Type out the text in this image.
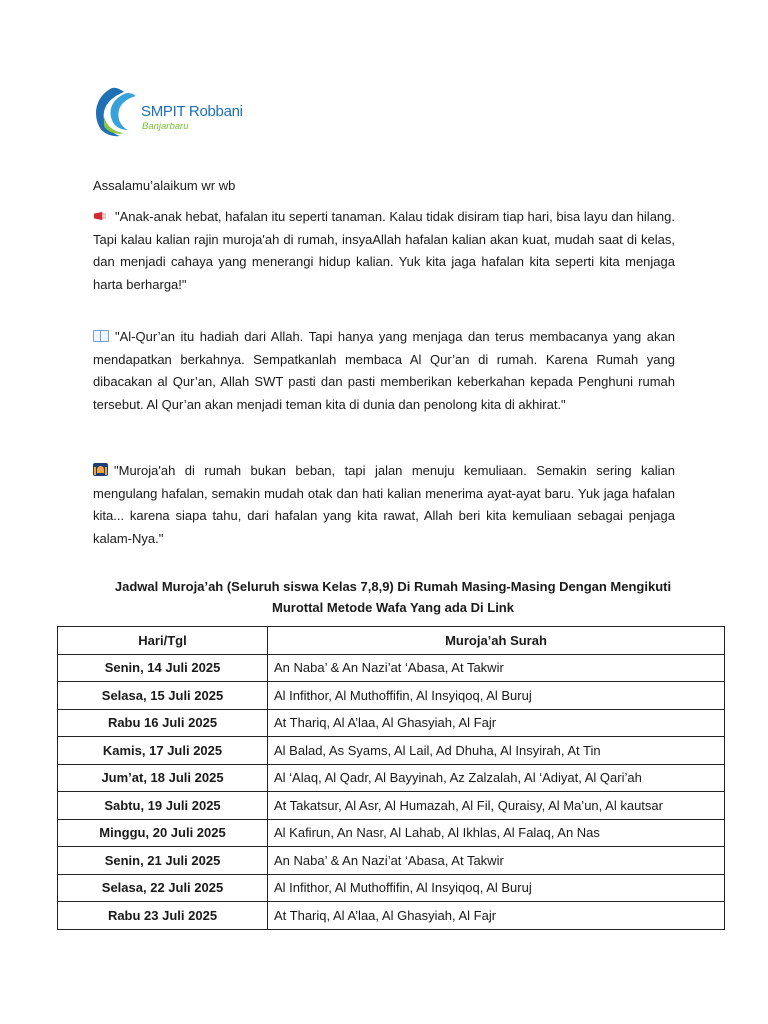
SMPIT Robbani
Banjarbaru
Assalamu’alaikum wr wb
"Anak-anak hebat, hafalan itu seperti tanaman. Kalau tidak disiram tiap hari, bisa layu dan hilang. Tapi kalau kalian rajin muroja'ah di rumah, insyaAllah hafalan kalian akan kuat, mudah saat di kelas, dan menjadi cahaya yang menerangi hidup kalian. Yuk kita jaga hafalan kita seperti kita menjaga harta berharga!"
"Al-Qur’an itu hadiah dari Allah. Tapi hanya yang menjaga dan terus membacanya yang akan mendapatkan berkahnya. Sempatkanlah membaca Al Qur’an di rumah. Karena Rumah yang dibacakan al Qur’an, Allah SWT pasti dan pasti memberikan keberkahan kepada Penghuni rumah tersebut. Al Qur’an akan menjadi teman kita di dunia dan penolong kita di akhirat."
"Muroja'ah di rumah bukan beban, tapi jalan menuju kemuliaan. Semakin sering kalian mengulang hafalan, semakin mudah otak dan hati kalian menerima ayat-ayat baru. Yuk jaga hafalan kita... karena siapa tahu, dari hafalan yang kita rawat, Allah beri kita kemuliaan sebagai penjaga kalam-Nya."
Jadwal Muroja’ah (Seluruh siswa Kelas 7,8,9) Di Rumah Masing-Masing Dengan Mengikuti
Murottal Metode Wafa Yang ada Di Link
Hari/Tgl	Muroja’ah Surah
Senin, 14 Juli 2025	An Naba’ & An Nazi’at ‘Abasa, At Takwir
Selasa, 15 Juli 2025	Al Infithor, Al Muthoffifin, Al Insyiqoq, Al Buruj
Rabu 16 Juli 2025	At Thariq, Al A’laa, Al Ghasyiah, Al Fajr
Kamis, 17 Juli 2025	Al Balad, As Syams, Al Lail, Ad Dhuha, Al Insyirah, At Tin
Jum’at, 18 Juli 2025	Al ‘Alaq, Al Qadr, Al Bayyinah, Az Zalzalah, Al ‘Adiyat, Al Qari’ah
Sabtu, 19 Juli 2025	At Takatsur, Al Asr, Al Humazah, Al Fil, Quraisy, Al Ma’un, Al kautsar
Minggu, 20 Juli 2025	Al Kafirun, An Nasr, Al Lahab, Al Ikhlas, Al Falaq, An Nas
Senin, 21 Juli 2025	An Naba’ & An Nazi’at ‘Abasa, At Takwir
Selasa, 22 Juli 2025	Al Infithor, Al Muthoffifin, Al Insyiqoq, Al Buruj
Rabu 23 Juli 2025	At Thariq, Al A’laa, Al Ghasyiah, Al Fajr
